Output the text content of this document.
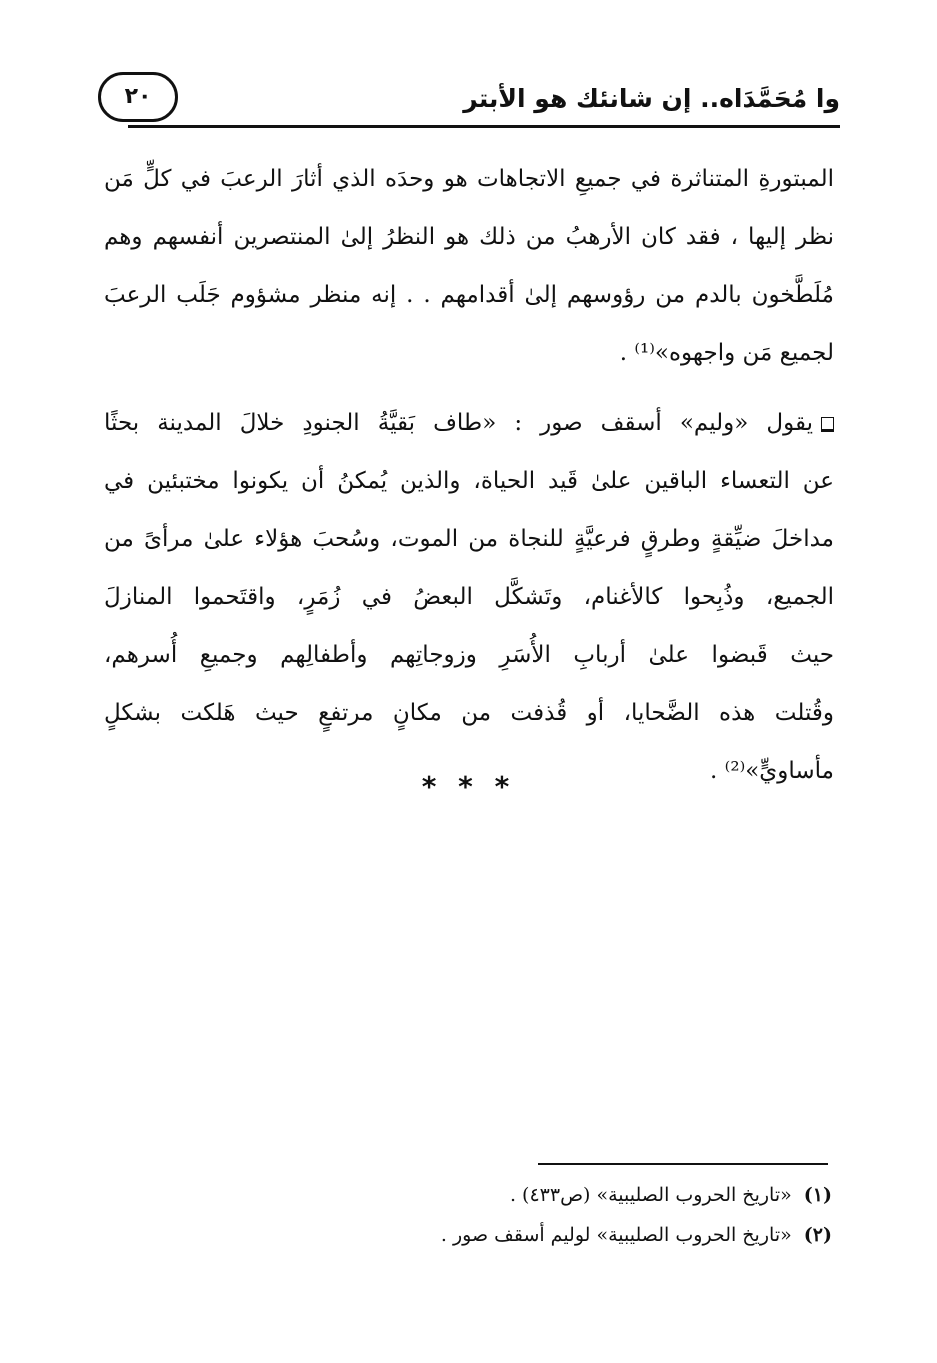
وا مُحَمَّدَاه.. إن شانئك هو الأبتر
٢٠
المبتورةِ المتناثرة في جميعِ الاتجاهات هو وحدَه الذي أثارَ الرعبَ في كلٍّ مَن
نظر إليها ، فقد كان الأرهبُ من ذلك هو النظرُ إلىٰ المنتصرين أنفسهم وهم
مُلَطَّخون بالدم من رؤوسهم إلىٰ أقدامهم . . إنه منظر مشؤوم جَلَب الرعبَ
لجميع مَن واجهوه»⁽¹⁾ .
يقول «وليم» أسقف صور : «طاف بَقيَّةُ الجنودِ خلالَ المدينة بحثًا
عن التعساء الباقين علىٰ قَيد الحياة، والذين يُمكنُ أن يكونوا مختبئين في
مداخلَ ضيِّقةٍ وطرقٍ فرعيَّةٍ للنجاة من الموت، وسُحبَ هؤلاء علىٰ مرأىً من
الجميع، وذُبِحوا كالأغنام، وتَشكَّل البعضُ في زُمَرٍ، واقتَحموا المنازلَ
حيث قَبضوا علىٰ أربابِ الأُسَرِ وزوجاتِهم وأطفالِهم وجميعِ أُسرهم،
وقُتلت هذه الضَّحايا، أو قُذفت من مكانٍ مرتفعٍ حيث هَلكت بشكلٍ
مأساويٍّ»⁽²⁾ .
* * *
(١) «تاريخ الحروب الصليبية» (ص٤٣٣) .
(٢) «تاريخ الحروب الصليبية» لوليم أسقف صور .
